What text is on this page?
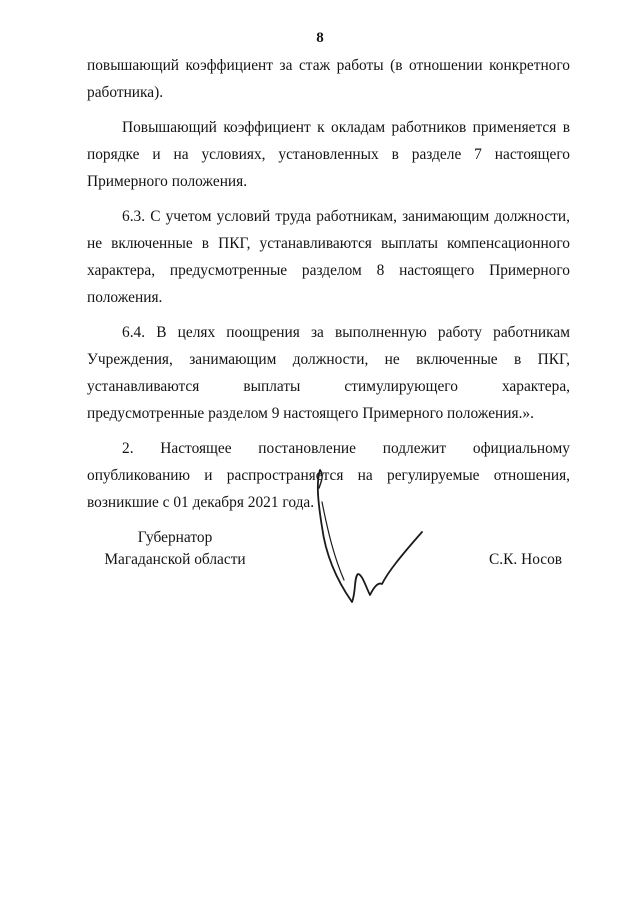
8

повышающий коэффициент за стаж работы (в отношении конкретного работника).

Повышающий коэффициент к окладам работников применяется в порядке и на условиях, установленных в разделе 7 настоящего Примерного положения.

6.3. С учетом условий труда работникам, занимающим должности, не включенные в ПКГ, устанавливаются выплаты компенсационного характера, предусмотренные разделом 8 настоящего Примерного положения.

6.4. В целях поощрения за выполненную работу работникам Учреждения, занимающим должности, не включенные в ПКГ, устанавливаются выплаты стимулирующего характера, предусмотренные разделом 9 настоящего Примерного положения.».

2. Настоящее постановление подлежит официальному опубликованию и распространяется на регулируемые отношения, возникшие с 01 декабря 2021 года.

Губернатор
Магаданской области	С.К. Носов
